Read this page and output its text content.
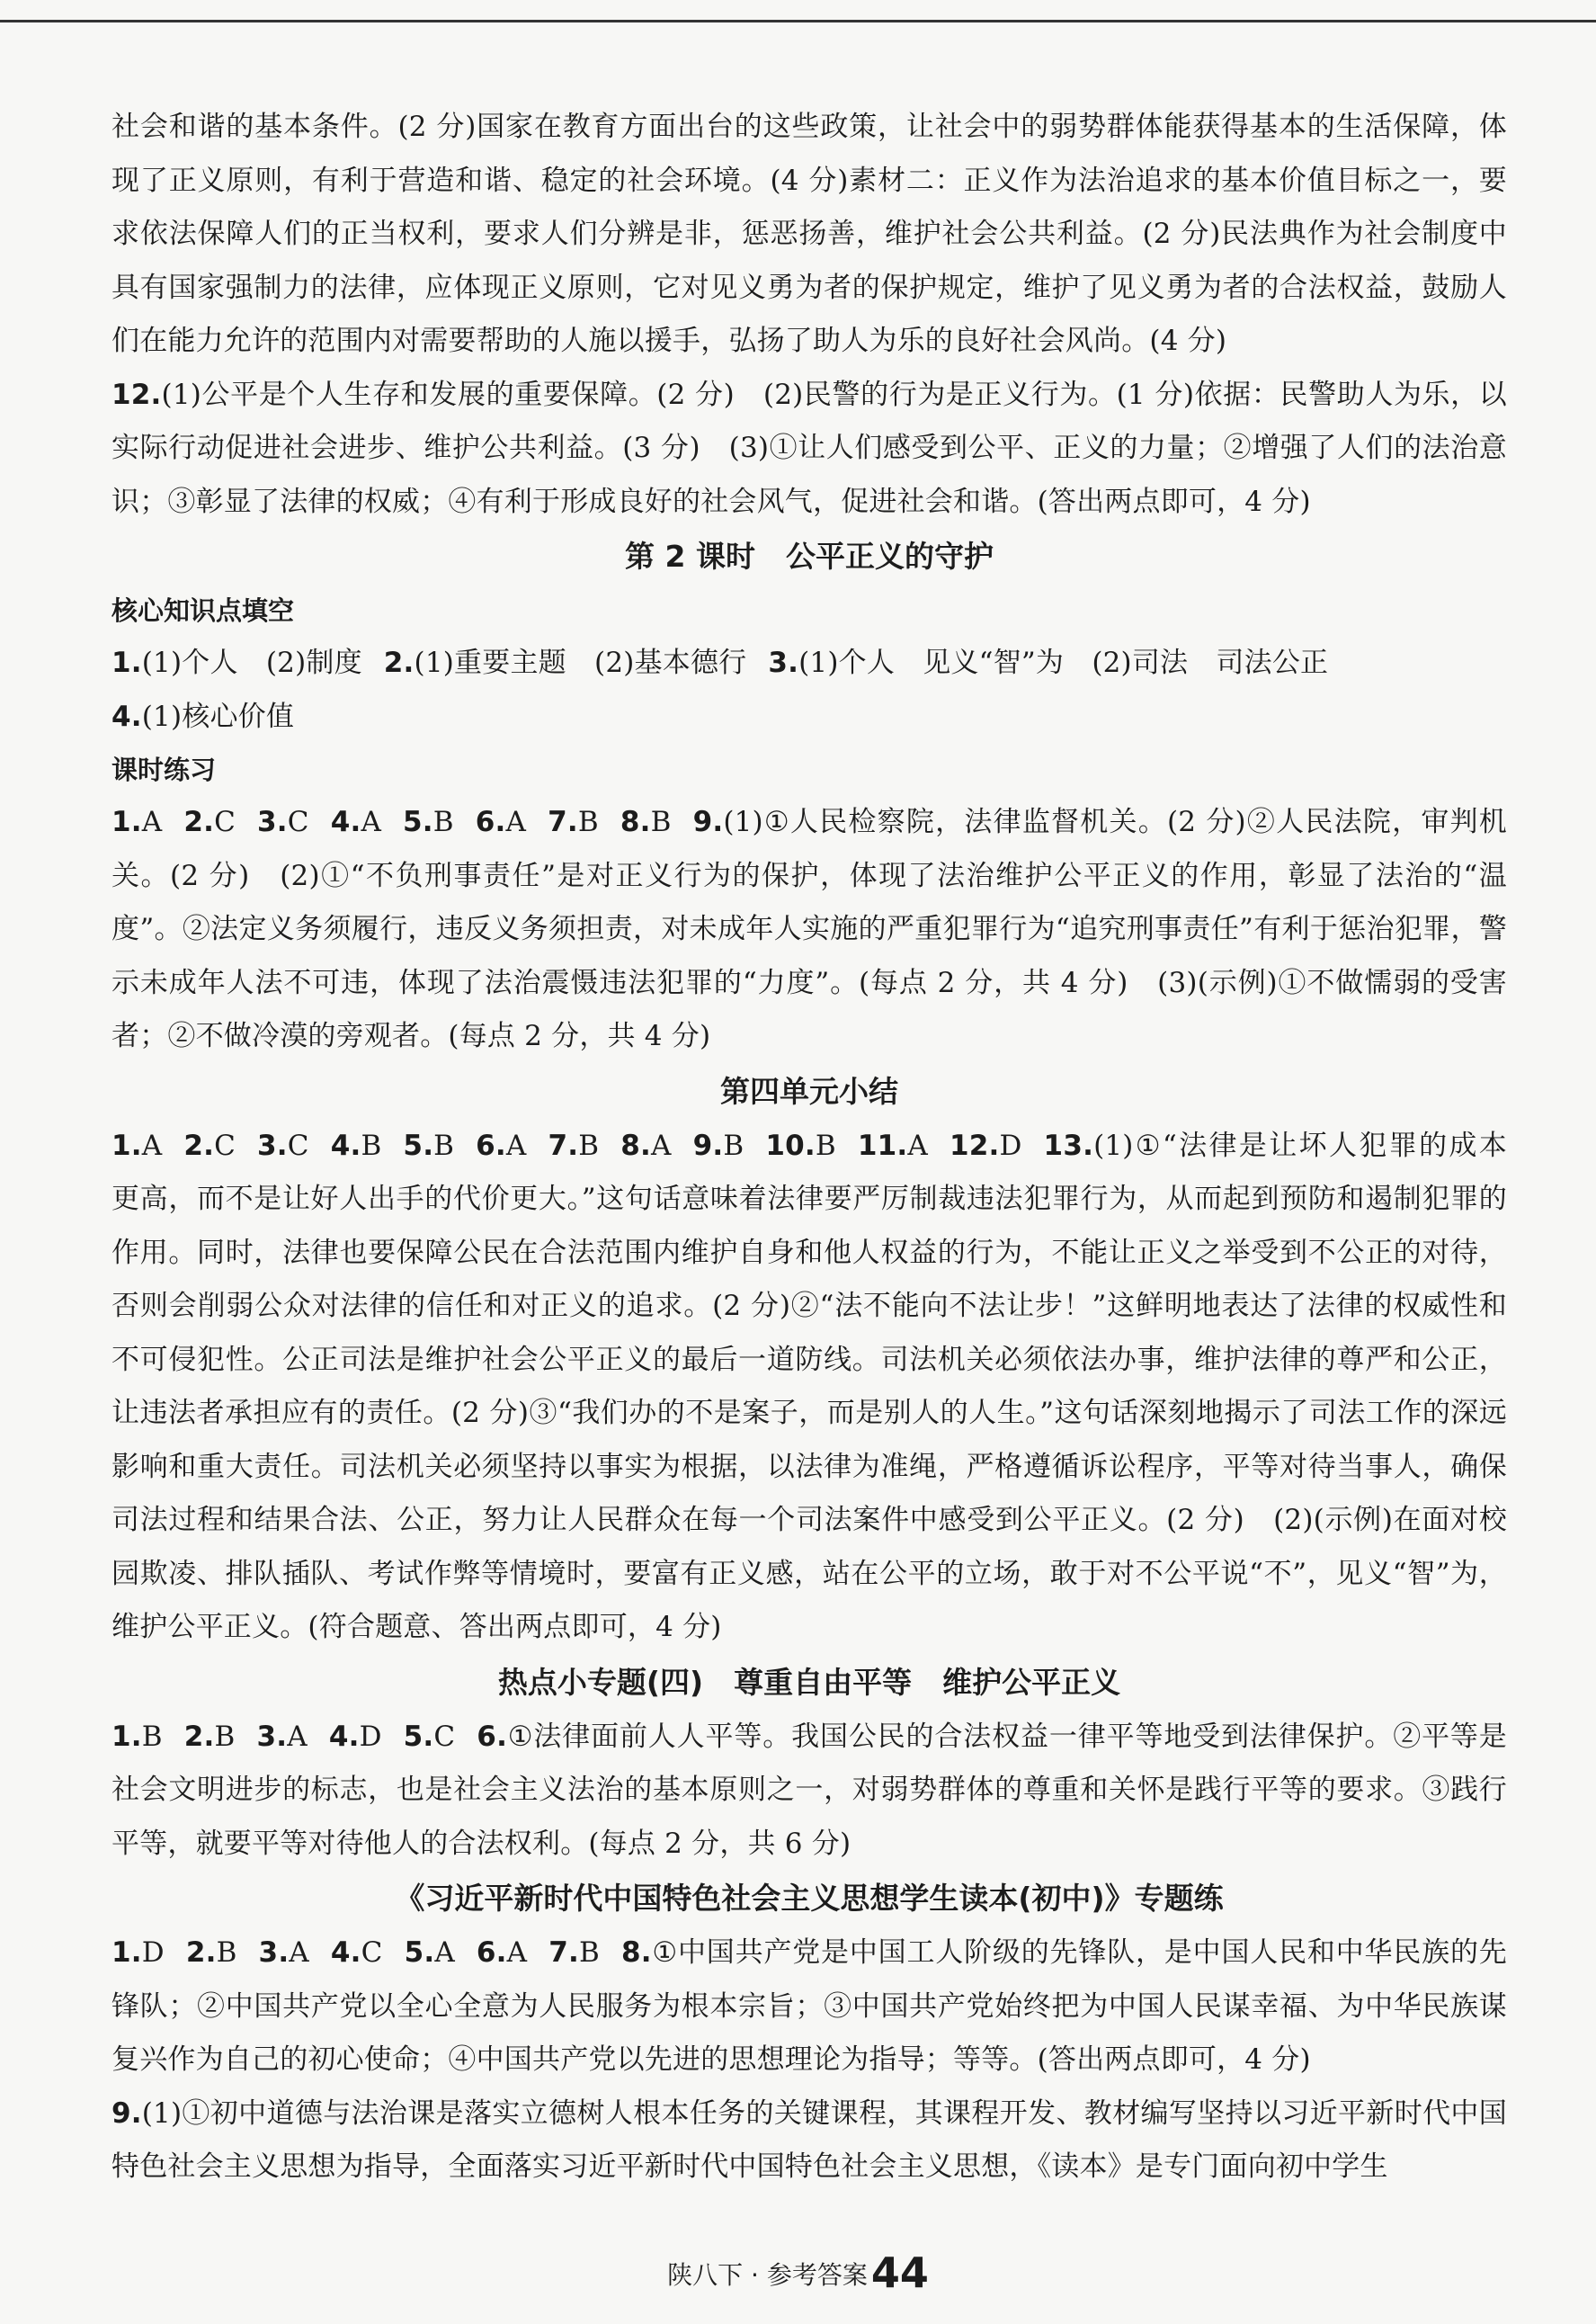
社会和谐的基本条件。(2 分)国家在教育方面出台的这些政策，让社会中的弱势群体能获得基本的生活保障，体现了正义原则，有利于营造和谐、稳定的社会环境。(4 分)素材二：正义作为法治追求的基本价值目标之一，要求依法保障人们的正当权利，要求人们分辨是非，惩恶扬善，维护社会公共利益。(2 分)民法典作为社会制度中具有国家强制力的法律，应体现正义原则，它对见义勇为者的保护规定，维护了见义勇为者的合法权益，鼓励人们在能力允许的范围内对需要帮助的人施以援手，弘扬了助人为乐的良好社会风尚。(4 分)

12.(1)公平是个人生存和发展的重要保障。(2 分)　(2)民警的行为是正义行为。(1 分)依据：民警助人为乐，以实际行动促进社会进步、维护公共利益。(3 分)　(3)①让人们感受到公平、正义的力量；②增强了人们的法治意识；③彰显了法律的权威；④有利于形成良好的社会风气，促进社会和谐。(答出两点即可，4 分)

第 2 课时 公平正义的守护
核心知识点填空

1.(1)个人　(2)制度 2.(1)重要主题　(2)基本德行 3.(1)个人　见义“智”为　(2)司法　司法公正
4.(1)核心价值

课时练习

1.A 2.C 3.C 4.A 5.B 6.A 7.B 8.B 9.(1)①人民检察院，法律监督机关。(2 分)②人民法院，审判机关。(2 分)　(2)①“不负刑事责任”是对正义行为的保护，体现了法治维护公平正义的作用，彰显了法治的“温度”。②法定义务须履行，违反义务须担责，对未成年人实施的严重犯罪行为“追究刑事责任”有利于惩治犯罪，警示未成年人法不可违，体现了法治震慑违法犯罪的“力度”。(每点 2 分，共 4 分)　(3)(示例)①不做懦弱的受害者；②不做冷漠的旁观者。(每点 2 分，共 4 分)

第四单元小结

1.A 2.C 3.C 4.B 5.B 6.A 7.B 8.A 9.B 10.B 11.A 12.D 13.(1)①“法律是让坏人犯罪的成本更高，而不是让好人出手的代价更大。”这句话意味着法律要严厉制裁违法犯罪行为，从而起到预防和遏制犯罪的作用。同时，法律也要保障公民在合法范围内维护自身和他人权益的行为，不能让正义之举受到不公正的对待，否则会削弱公众对法律的信任和对正义的追求。(2 分)②“法不能向不法让步！”这鲜明地表达了法律的权威性和不可侵犯性。公正司法是维护社会公平正义的最后一道防线。司法机关必须依法办事，维护法律的尊严和公正，让违法者承担应有的责任。(2 分)③“我们办的不是案子，而是别人的人生。”这句话深刻地揭示了司法工作的深远影响和重大责任。司法机关必须坚持以事实为根据，以法律为准绳，严格遵循诉讼程序，平等对待当事人，确保司法过程和结果合法、公正，努力让人民群众在每一个司法案件中感受到公平正义。(2 分)　(2)(示例)在面对校园欺凌、排队插队、考试作弊等情境时，要富有正义感，站在公平的立场，敢于对不公平说“不”，见义“智”为，维护公平正义。(符合题意、答出两点即可，4 分)

热点小专题(四) 尊重自由平等 维护公平正义

1.B 2.B 3.A 4.D 5.C 6.①法律面前人人平等。我国公民的合法权益一律平等地受到法律保护。②平等是社会文明进步的标志，也是社会主义法治的基本原则之一，对弱势群体的尊重和关怀是践行平等的要求。③践行平等，就要平等对待他人的合法权利。(每点 2 分，共 6 分)

《习近平新时代中国特色社会主义思想学生读本(初中)》专题练

1.D 2.B 3.A 4.C 5.A 6.A 7.B 8.①中国共产党是中国工人阶级的先锋队，是中国人民和中华民族的先锋队；②中国共产党以全心全意为人民服务为根本宗旨；③中国共产党始终把为中国人民谋幸福、为中华民族谋复兴作为自己的初心使命；④中国共产党以先进的思想理论为指导；等等。(答出两点即可，4 分)

9.(1)①初中道德与法治课是落实立德树人根本任务的关键课程，其课程开发、教材编写坚持以习近平新时代中国特色社会主义思想为指导，全面落实习近平新时代中国特色社会主义思想，《读本》是专门面向初中学生

陕八下 · 参考答案44
